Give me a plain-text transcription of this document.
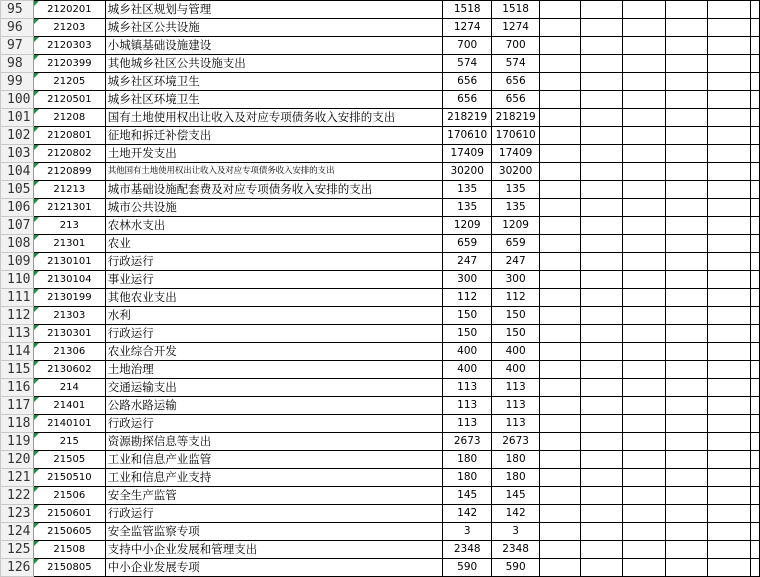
95	2120201	城乡社区规划与管理	1518	1518						
96	21203	城乡社区公共设施	1274	1274						
97	2120303	小城镇基础设施建设	700	700						
98	2120399	其他城乡社区公共设施支出	574	574						
99	21205	城乡社区环境卫生	656	656						
100	2120501	城乡社区环境卫生	656	656						
101	21208	国有土地使用权出让收入及对应专项债务收入安排的支出	218219	218219						
102	2120801	征地和拆迁补偿支出	170610	170610						
103	2120802	土地开发支出	17409	17409						
104	2120899	其他国有土地使用权出让收入及对应专项债务收入安排的支出	30200	30200						
105	21213	城市基础设施配套费及对应专项债务收入安排的支出	135	135						
106	2121301	城市公共设施	135	135						
107	213	农林水支出	1209	1209						
108	21301	农业	659	659						
109	2130101	行政运行	247	247						
110	2130104	事业运行	300	300						
111	2130199	其他农业支出	112	112						
112	21303	水利	150	150						
113	2130301	行政运行	150	150						
114	21306	农业综合开发	400	400						
115	2130602	土地治理	400	400						
116	214	交通运输支出	113	113						
117	21401	公路水路运输	113	113						
118	2140101	行政运行	113	113						
119	215	资源勘探信息等支出	2673	2673						
120	21505	工业和信息产业监管	180	180						
121	2150510	工业和信息产业支持	180	180						
122	21506	安全生产监管	145	145						
123	2150601	行政运行	142	142						
124	2150605	安全监管监察专项	3	3						
125	21508	支持中小企业发展和管理支出	2348	2348						
126	2150805	中小企业发展专项	590	590						
